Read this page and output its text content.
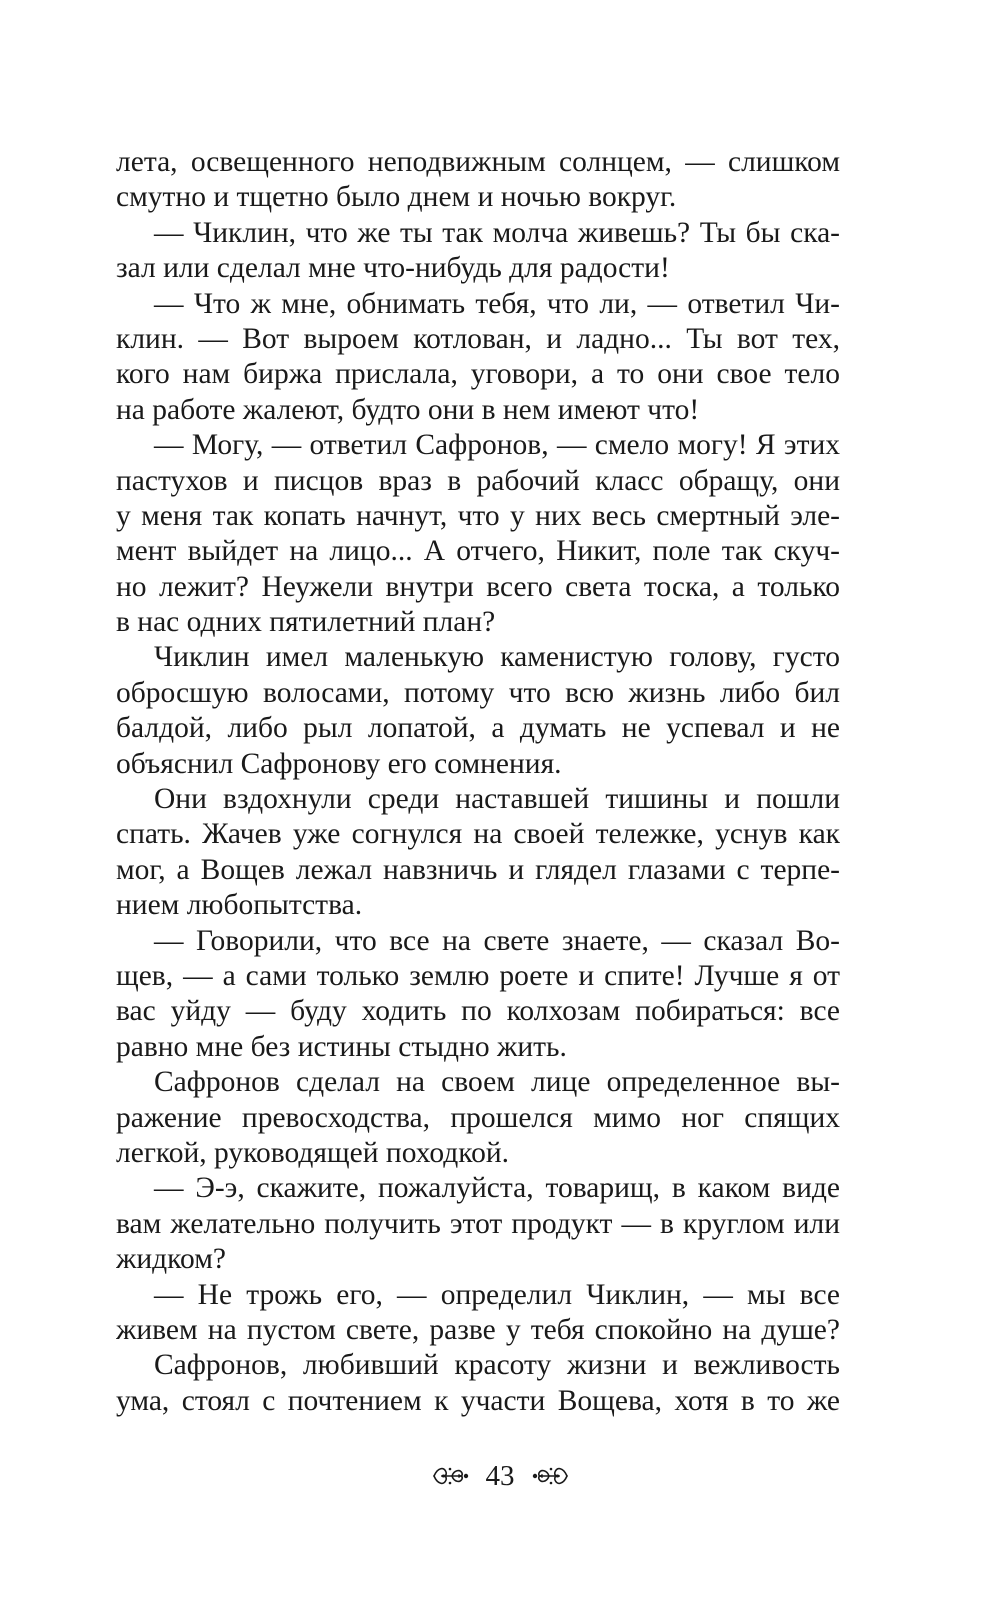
лета, освещенного неподвижным солнцем, — слишком
смутно и тщетно было днем и ночью вокруг.
— Чиклин, что же ты так молча живешь? Ты бы ска-
зал или сделал мне что-нибудь для радости!
— Что ж мне, обнимать тебя, что ли, — ответил Чи-
клин. — Вот выроем котлован, и ладно... Ты вот тех,
кого нам биржа прислала, уговори, а то они свое тело
на работе жалеют, будто они в нем имеют что!
— Могу, — ответил Сафронов, — смело могу! Я этих
пастухов и писцов враз в рабочий класс обращу, они
у меня так копать начнут, что у них весь смертный эле-
мент выйдет на лицо... А отчего, Никит, поле так скуч-
но лежит? Неужели внутри всего света тоска, а только
в нас одних пятилетний план?
Чиклин имел маленькую каменистую голову, густо
обросшую волосами, потому что всю жизнь либо бил
балдой, либо рыл лопатой, а думать не успевал и не
объяснил Сафронову его сомнения.
Они вздохнули среди наставшей тишины и пошли
спать. Жачев уже согнулся на своей тележке, уснув как
мог, а Вощев лежал навзничь и глядел глазами с терпе-
нием любопытства.
— Говорили, что все на свете знаете, — сказал Во-
щев, — а сами только землю роете и спите! Лучше я от
вас уйду — буду ходить по колхозам побираться: все
равно мне без истины стыдно жить.
Сафронов сделал на своем лице определенное вы-
ражение превосходства, прошелся мимо ног спящих
легкой, руководящей походкой.
— Э-э, скажите, пожалуйста, товарищ, в каком виде
вам желательно получить этот продукт — в круглом или
жидком?
— Не трожь его, — определил Чиклин, — мы все
живем на пустом свете, разве у тебя спокойно на душе?
Сафронов, любивший красоту жизни и вежливость
ума, стоял с почтением к участи Вощева, хотя в то же
43
